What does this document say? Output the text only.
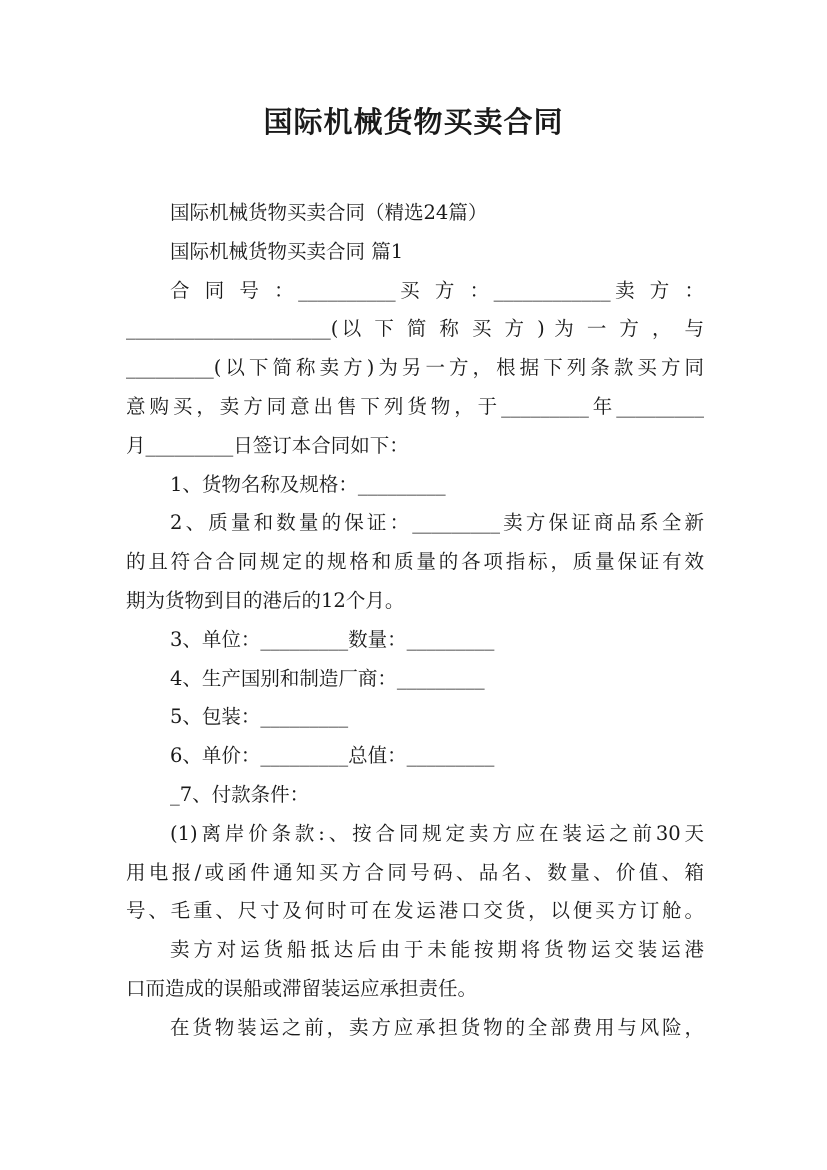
国际机械货物买卖合同
国际机械货物买卖合同（精选24篇）
国际机械货物买卖合同 篇1
合 同 号 ：__________买 方 ：____________卖 方 ：
_____________________(以 下 简 称 买 方 ) 为 一 方 ， 与
_________(以下简称卖方)为另一方，根据下列条款买方同
意购买，卖方同意出售下列货物，于_________年_________
月_________日签订本合同如下：
1、货物名称及规格：_________
2、质量和数量的保证：_________卖方保证商品系全新
的且符合合同规定的规格和质量的各项指标，质量保证有效
期为货物到目的港后的12个月。
3、单位：_________数量：_________
4、生产国别和制造厂商：_________
5、包装：_________
6、单价：_________总值：_________
_7、付款条件：
(1)离岸价条款:、按合同规定卖方应在装运之前30天
用电报/或函件通知买方合同号码、品名、数量、价值、箱
号、毛重、尺寸及何时可在发运港口交货，以便买方订舱。
卖方对运货船抵达后由于未能按期将货物运交装运港
口而造成的误船或滞留装运应承担责任。
在货物装运之前，卖方应承担货物的全部费用与风险，
